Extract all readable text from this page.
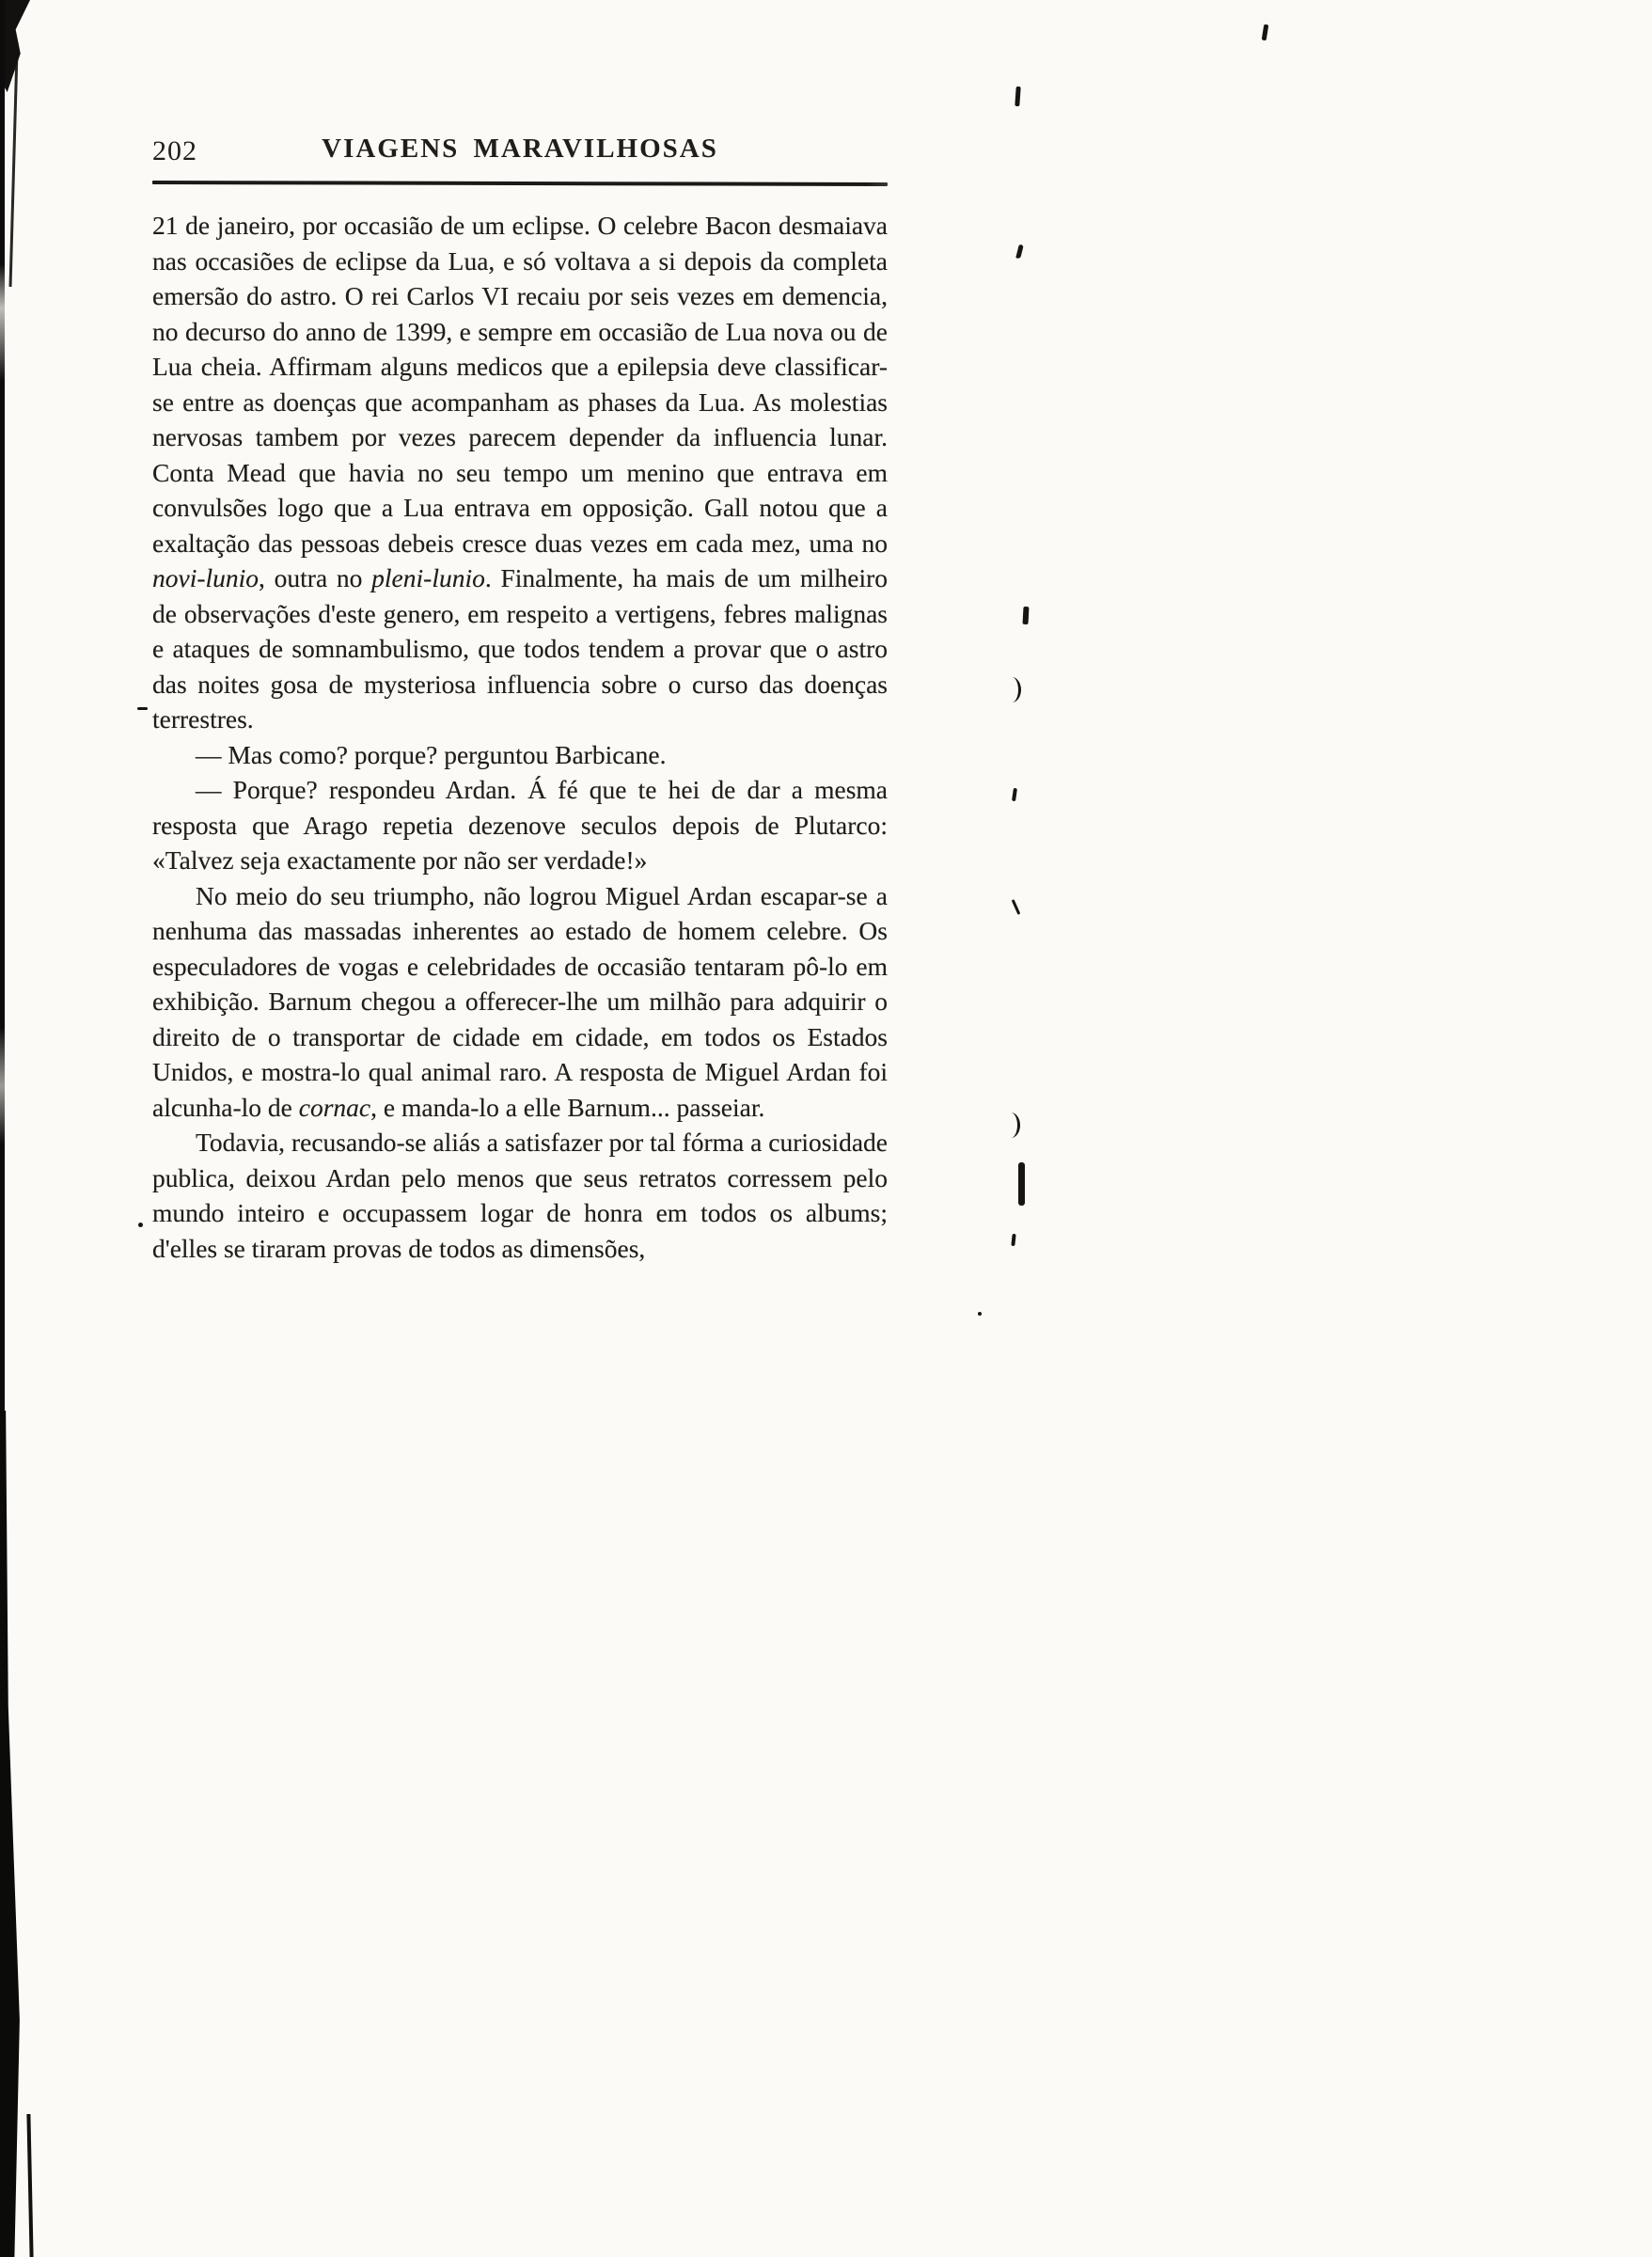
202	VIAGENS MARAVILHOSAS

21 de janeiro, por occasião de um eclipse. O celebre Bacon desmaiava nas occasiões de eclipse da Lua, e só voltava a si depois da completa emersão do astro. O rei Carlos VI recaiu por seis vezes em demencia, no decurso do anno de 1399, e sempre em occasião de Lua nova ou de Lua cheia. Affirmam alguns medicos que a epilepsia deve classificar-se entre as doenças que acompanham as phases da Lua. As molestias nervosas tambem por vezes parecem depender da influencia lunar. Conta Mead que havia no seu tempo um menino que entrava em convulsões logo que a Lua entrava em opposição. Gall notou que a exaltação das pessoas debeis cresce duas vezes em cada mez, uma no novi-lunio, outra no pleni-lunio. Finalmente, ha mais de um milheiro de observações d'este genero, em respeito a vertigens, febres malignas e ataques de somnambulismo, que todos tendem a provar que o astro das noites gosa de mysteriosa influencia sobre o curso das doenças terrestres.

— Mas como? porque? perguntou Barbicane.

— Porque? respondeu Ardan. Á fé que te hei de dar a mesma resposta que Arago repetia dezenove seculos depois de Plutarco: «Talvez seja exactamente por não ser verdade!»

No meio do seu triumpho, não logrou Miguel Ardan escapar-se a nenhuma das massadas inherentes ao estado de homem celebre. Os especuladores de vogas e celebridades de occasião tentaram pô-lo em exhibição. Barnum chegou a offerecer-lhe um milhão para adquirir o direito de o transportar de cidade em cidade, em todos os Estados Unidos, e mostra-lo qual animal raro. A resposta de Miguel Ardan foi alcunha-lo de cornac, e manda-lo a elle Barnum... passeiar.

Todavia, recusando-se aliás a satisfazer por tal fórma a curiosidade publica, deixou Ardan pelo menos que seus retratos corressem pelo mundo inteiro e occupassem logar de honra em todos os albums; d'elles se tiraram provas de todos as dimensões,
